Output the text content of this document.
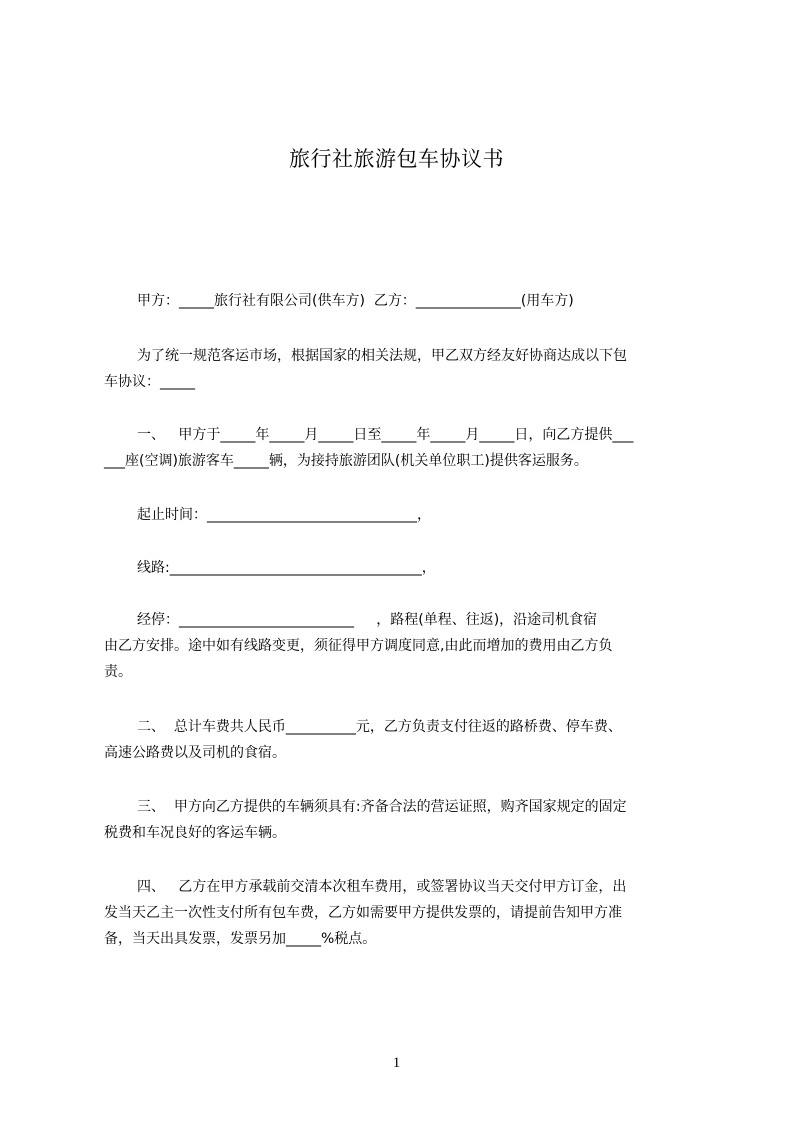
旅行社旅游包车协议书
甲方：_____旅行社有限公司(供车方)  乙方：_______________(用车方)
为了统一规范客运市场，根据国家的相关法规，甲乙双方经友好协商达成以下包
车协议：_____
一、   甲方于_____年_____月_____日至_____年_____月_____日，向乙方提供___
___座(空调)旅游客车_____辆，为接持旅游团队(机关单位职工)提供客运服务。
起止时间：______________________________，
线路:____________________________________，
经停：_________________________     ，路程(单程、往返)，沿途司机食宿
由乙方安排。途中如有线路变更，须征得甲方调度同意,由此而增加的费用由乙方负
责。
二、  总计车费共人民币__________元，乙方负责支付往返的路桥费、停车费、
高速公路费以及司机的食宿。
三、  甲方向乙方提供的车辆须具有:齐备合法的营运证照，购齐国家规定的固定
税费和车况良好的客运车辆。
四、   乙方在甲方承载前交清本次租车费用，或签署协议当天交付甲方订金，出
发当天乙主一次性支付所有包车费，乙方如需要甲方提供发票的，请提前告知甲方准
备，当天出具发票，发票另加_____%税点。
1
